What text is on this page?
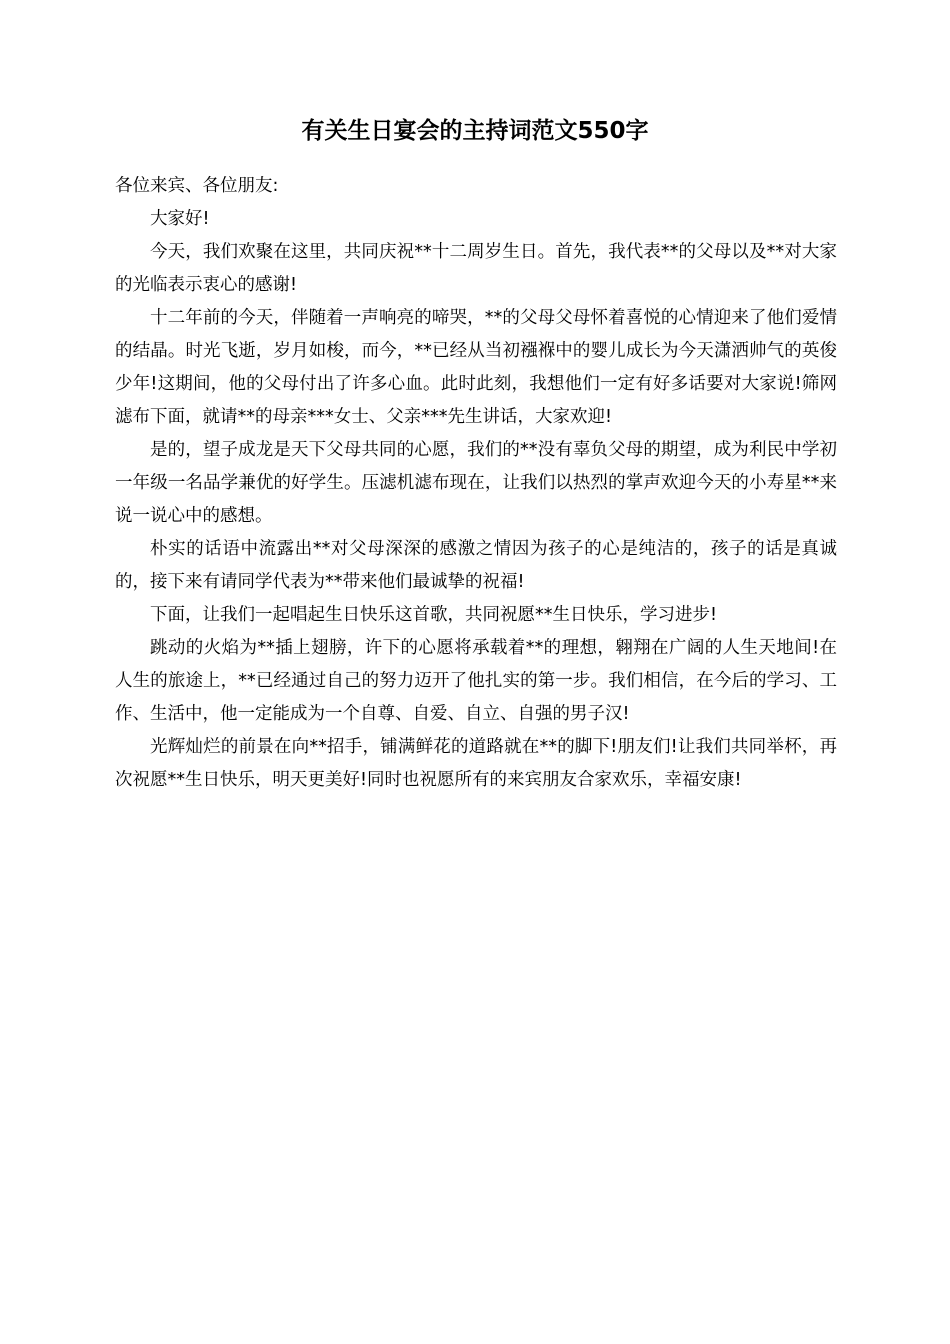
有关生日宴会的主持词范文550字

各位来宾、各位朋友:

大家好!

今天，我们欢聚在这里，共同庆祝**十二周岁生日。首先，我代表**的父母以及**对大家的光临表示衷心的感谢!

十二年前的今天，伴随着一声响亮的啼哭，**的父母父母怀着喜悦的心情迎来了他们爱情的结晶。时光飞逝，岁月如梭，而今，**已经从当初襁褓中的婴儿成长为今天潇洒帅气的英俊少年!这期间，他的父母付出了许多心血。此时此刻，我想他们一定有好多话要对大家说!筛网滤布下面，就请**的母亲***女士、父亲***先生讲话，大家欢迎!

是的，望子成龙是天下父母共同的心愿，我们的**没有辜负父母的期望，成为利民中学初一年级一名品学兼优的好学生。压滤机滤布现在，让我们以热烈的掌声欢迎今天的小寿星**来说一说心中的感想。

朴实的话语中流露出**对父母深深的感激之情因为孩子的心是纯洁的，孩子的话是真诚的，接下来有请同学代表为**带来他们最诚挚的祝福!

下面，让我们一起唱起生日快乐这首歌，共同祝愿**生日快乐，学习进步!

跳动的火焰为**插上翅膀，许下的心愿将承载着**的理想，翱翔在广阔的人生天地间!在人生的旅途上，**已经通过自己的努力迈开了他扎实的第一步。我们相信，在今后的学习、工作、生活中，他一定能成为一个自尊、自爱、自立、自强的男子汉!

光辉灿烂的前景在向**招手，铺满鲜花的道路就在**的脚下!朋友们!让我们共同举杯，再次祝愿**生日快乐，明天更美好!同时也祝愿所有的来宾朋友合家欢乐，幸福安康!
